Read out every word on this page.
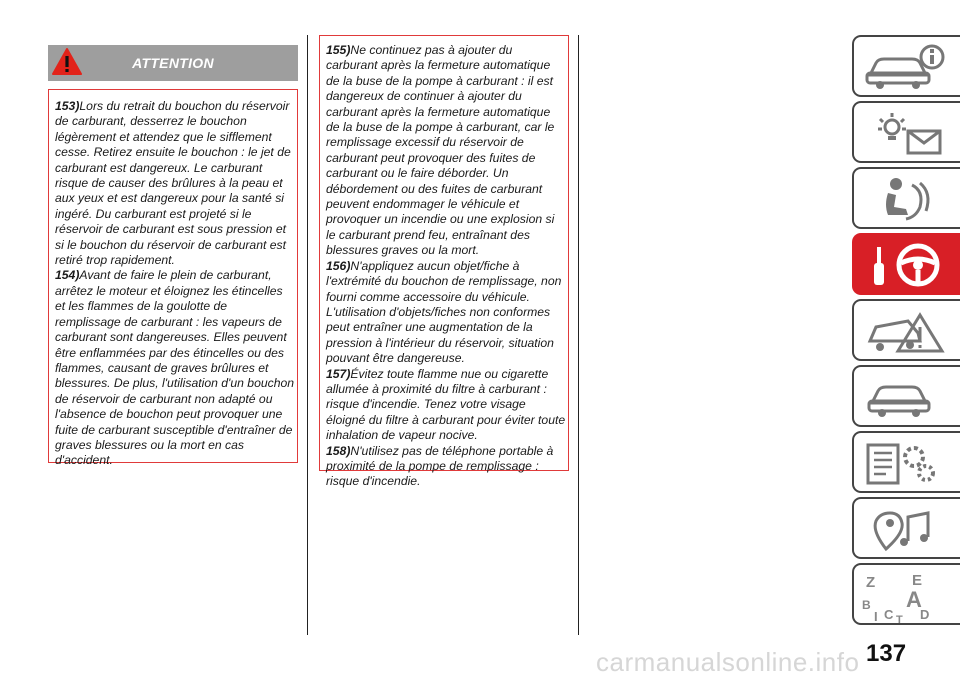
ATTENTION

153)Lors du retrait du bouchon du réservoir de carburant, desserrez le bouchon légèrement et attendez que le sifflement cesse. Retirez ensuite le bouchon : le jet de carburant est dangereux. Le carburant risque de causer des brûlures à la peau et aux yeux et est dangereux pour la santé si ingéré. Du carburant est projeté si le réservoir de carburant est sous pression et si le bouchon du réservoir de carburant est retiré trop rapidement.

154)Avant de faire le plein de carburant, arrêtez le moteur et éloignez les étincelles et les flammes de la goulotte de remplissage de carburant : les vapeurs de carburant sont dangereuses. Elles peuvent être enflammées par des étincelles ou des flammes, causant de graves brûlures et blessures. De plus, l'utilisation d'un bouchon de réservoir de carburant non adapté ou l'absence de bouchon peut provoquer une fuite de carburant susceptible d'entraîner de graves blessures ou la mort en cas d'accident.

155)Ne continuez pas à ajouter du carburant après la fermeture automatique de la buse de la pompe à carburant : il est dangereux de continuer à ajouter du carburant après la fermeture automatique de la buse de la pompe à carburant, car le remplissage excessif du réservoir de carburant peut provoquer des fuites de carburant ou le faire déborder. Un débordement ou des fuites de carburant peuvent endommager le véhicule et provoquer un incendie ou une explosion si le carburant prend feu, entraînant des blessures graves ou la mort.

156)N'appliquez aucun objet/fiche à l'extrémité du bouchon de remplissage, non fourni comme accessoire du véhicule. L'utilisation d'objets/fiches non conformes peut entraîner une augmentation de la pression à l'intérieur du réservoir, situation pouvant être dangereuse.

157)Évitez toute flamme nue ou cigarette allumée à proximité du filtre à carburant : risque d'incendie. Tenez votre visage éloigné du filtre à carburant pour éviter toute inhalation de vapeur nocive.

158)N'utilisez pas de téléphone portable à proximité de la pompe de remplissage : risque d'incendie.

Z E
B A
C D
I T
137
carmanualsonline.info
